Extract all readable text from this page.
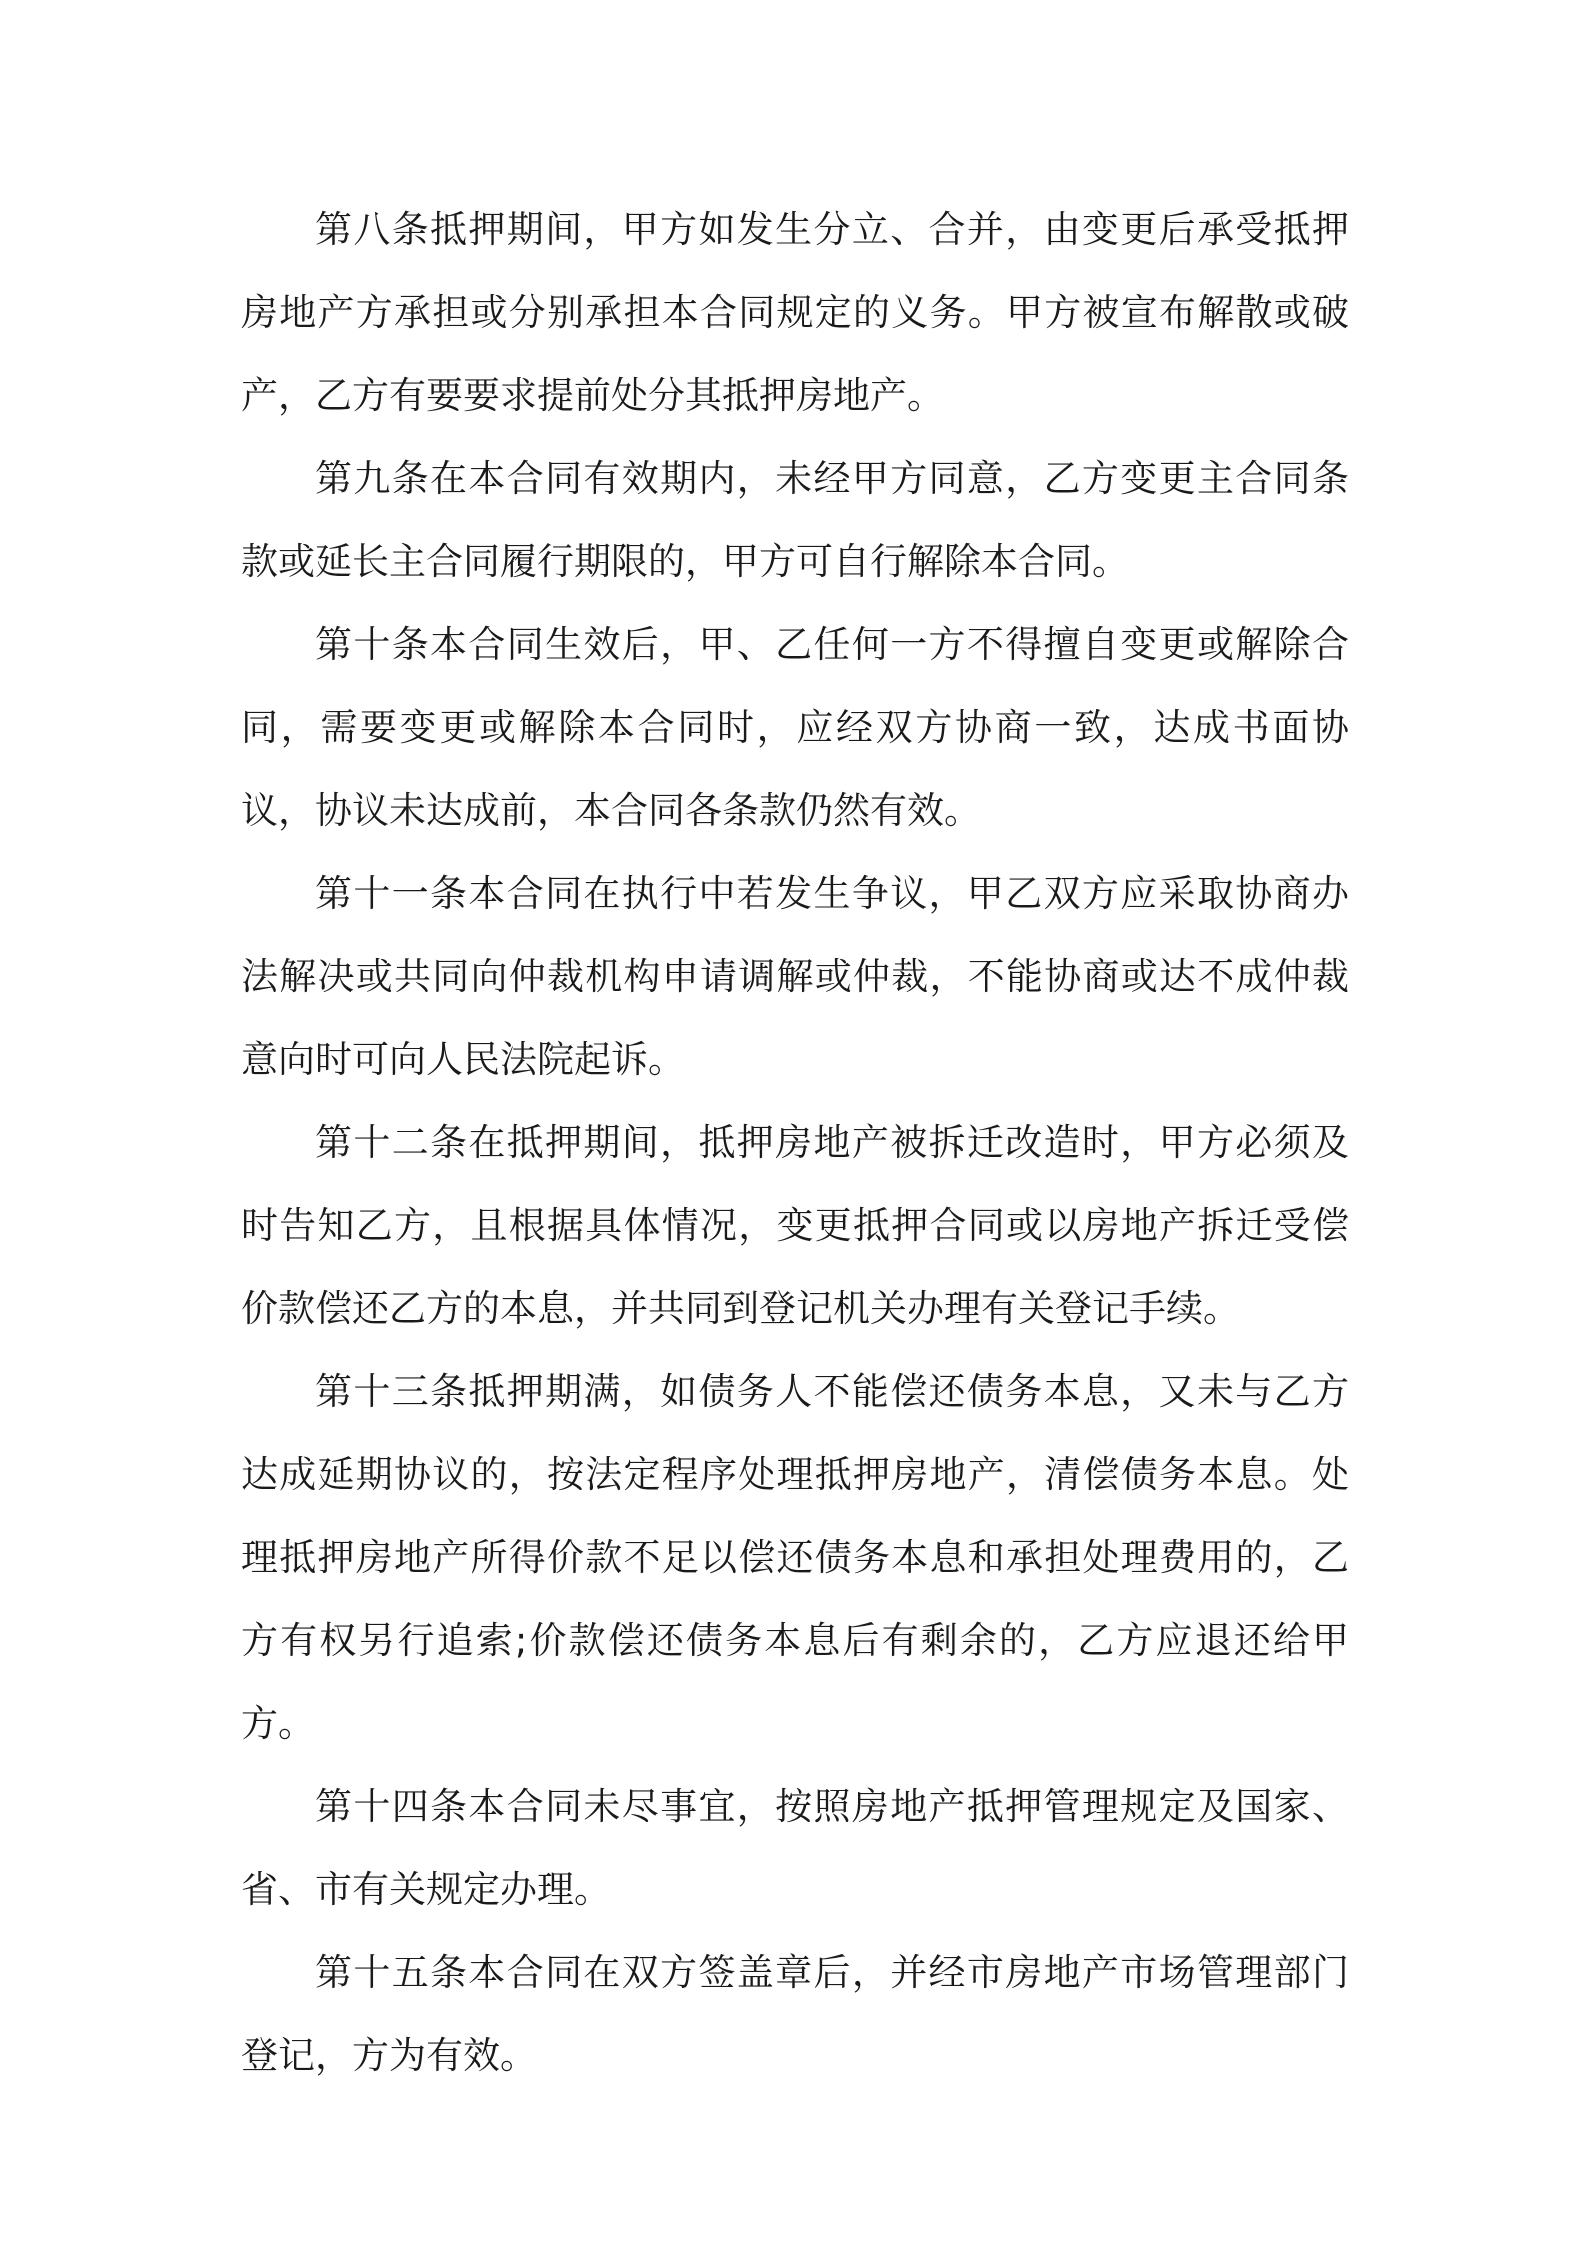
第八条抵押期间，甲方如发生分立、合并，由变更后承受抵押房地产方承担或分别承担本合同规定的义务。甲方被宣布解散或破产，乙方有要要求提前处分其抵押房地产。

第九条在本合同有效期内，未经甲方同意，乙方变更主合同条款或延长主合同履行期限的，甲方可自行解除本合同。

第十条本合同生效后，甲、乙任何一方不得擅自变更或解除合同，需要变更或解除本合同时，应经双方协商一致，达成书面协议，协议未达成前，本合同各条款仍然有效。

第十一条本合同在执行中若发生争议，甲乙双方应采取协商办法解决或共同向仲裁机构申请调解或仲裁，不能协商或达不成仲裁意向时可向人民法院起诉。

第十二条在抵押期间，抵押房地产被拆迁改造时，甲方必须及时告知乙方，且根据具体情况，变更抵押合同或以房地产拆迁受偿价款偿还乙方的本息，并共同到登记机关办理有关登记手续。

第十三条抵押期满，如债务人不能偿还债务本息，又未与乙方达成延期协议的，按法定程序处理抵押房地产，清偿债务本息。处理抵押房地产所得价款不足以偿还债务本息和承担处理费用的，乙方有权另行追索;价款偿还债务本息后有剩余的，乙方应退还给甲方。

第十四条本合同未尽事宜，按照房地产抵押管理规定及国家、省、市有关规定办理。

第十五条本合同在双方签盖章后，并经市房地产市场管理部门登记，方为有效。
